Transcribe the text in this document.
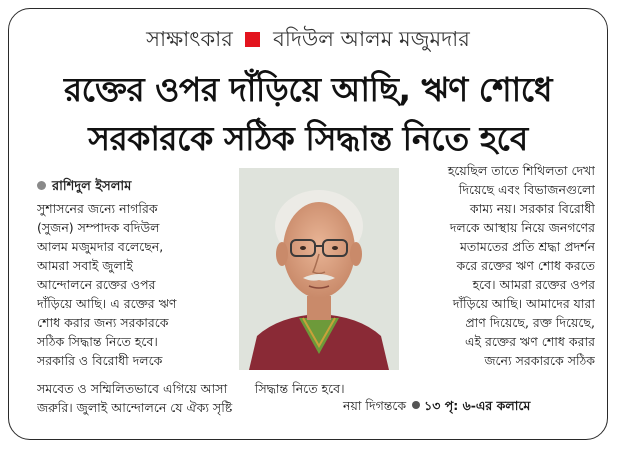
সাক্ষাৎকার বদিউল আলম মজুমদার
রক্তের ওপর দাঁড়িয়ে আছি, ঋণ শোধে
সরকারকে সঠিক সিদ্ধান্ত নিতে হবে
রাশিদুল ইসলাম
সুশাসনের জন্যে নাগরিক
(সুজন) সম্পাদক বদিউল
আলম মজুমদার বলেছেন,
আমরা সবাই জুলাই
আন্দোলনে রক্তের ওপর
দাঁড়িয়ে আছি। এ রক্তের ঋণ
শোধ করার জন্য সরকারকে
সঠিক সিদ্ধান্ত নিতে হবে।
সরকারি ও বিরোধী দলকে
হয়েছিল তাতে শিথিলতা দেখা
দিয়েছে এবং বিভাজনগুলো
কাম্য নয়। সরকার বিরোধী
দলকে আস্থায় নিয়ে জনগণের
মতামতের প্রতি শ্রদ্ধা প্রদর্শন
করে রক্তের ঋণ শোধ করতে
হবে। আমরা রক্তের ওপর
দাঁড়িয়ে আছি। আমাদের যারা
প্রাণ দিয়েছে, রক্ত দিয়েছে,
এই রক্তের ঋণ শোধ করার
জন্যে সরকারকে সঠিক
সমবেত ও সম্মিলিতভাবে এগিয়ে আসা সিদ্ধান্ত নিতে হবে।
জরুরি। জুলাই আন্দোলনে যে ঐক্য সৃষ্টি	নয়া দিগন্তকে ১৩ পৃ: ৬-এর কলামে
